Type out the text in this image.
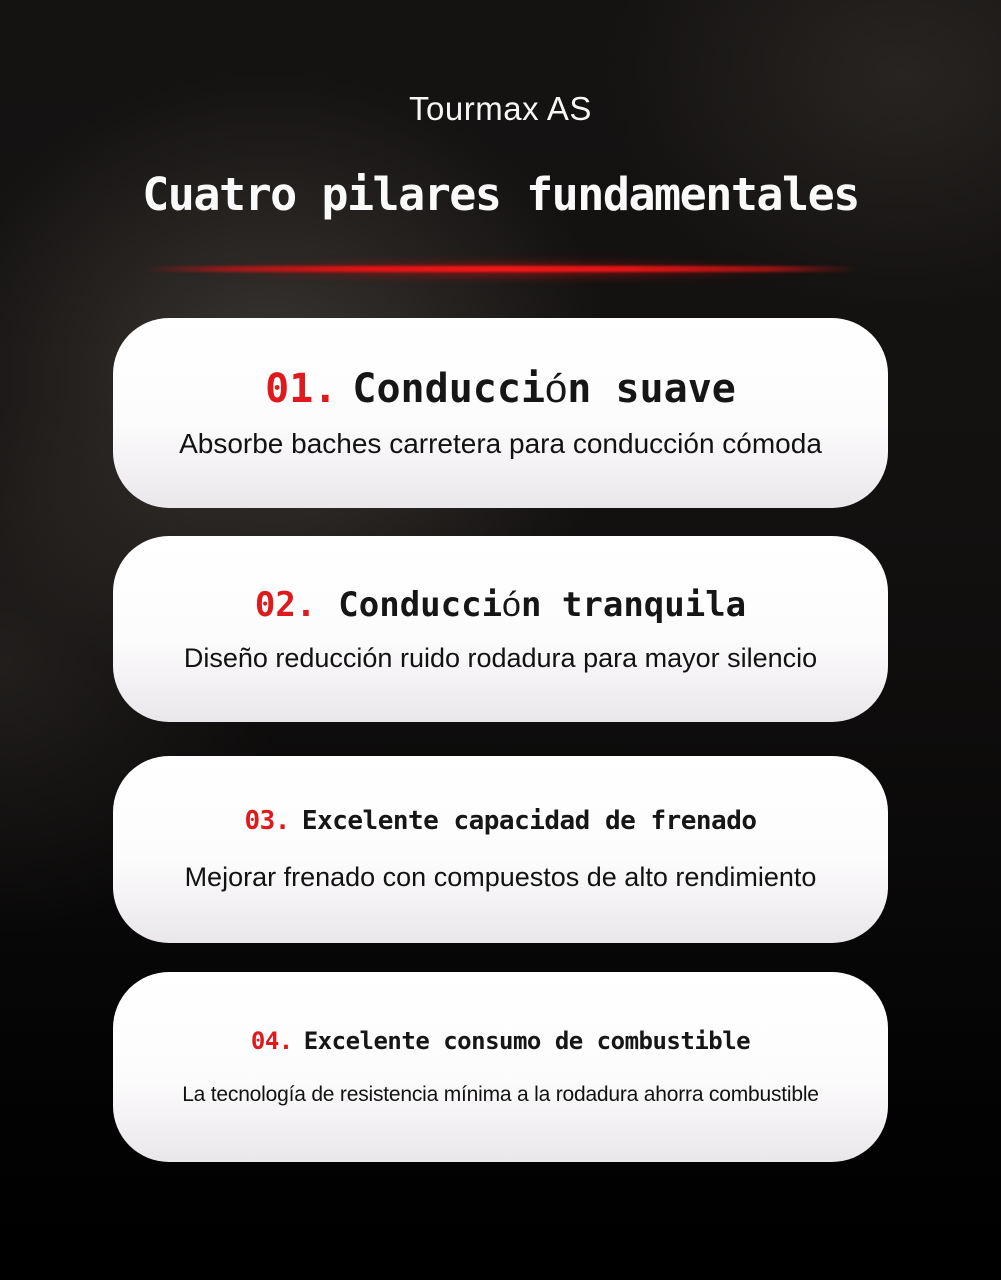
Tourmax AS
Cuatro pilares fundamentales
01. Conducción suave

Absorbe baches carretera para conducción cómoda

02. Conducción tranquila

Diseño reducción ruido rodadura para mayor silencio

03. Excelente capacidad de frenado

Mejorar frenado con compuestos de alto rendimiento

04. Excelente consumo de combustible

La tecnología de resistencia mínima a la rodadura ahorra combustible
